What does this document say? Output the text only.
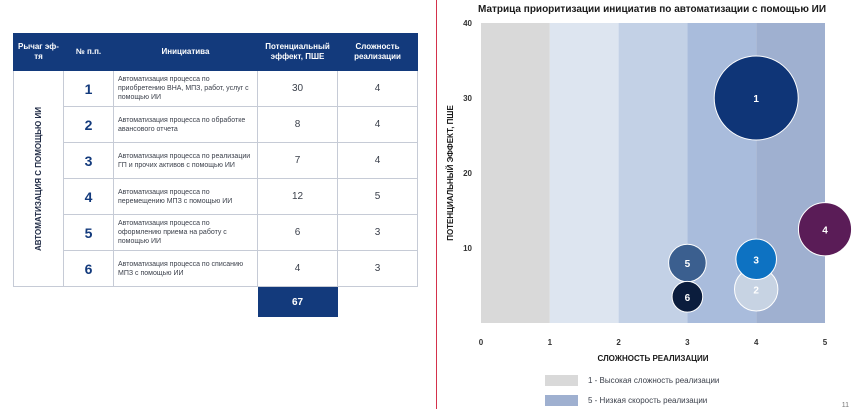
Рычаг эф-тя	№ п.п.	Инициатива	Потенциальный эффект, ПШЕ	Сложность реализации

АВТОМАТИЗАЦИЯ С ПОМОЩЬЮ ИИ	1	Автоматизация процесса по приобретению ВНА, МПЗ, работ, услуг с помощью ИИ	30	4
	2	Автоматизация процесса по обработке авансового отчета	8	4
	3	Автоматизация процесса по реализации ГП и прочих активов с помощью ИИ	7	4
	4	Автоматизация процесса по перемещению МПЗ с помощью ИИ	12	5
	5	Автоматизация процесса по оформлению приема на работу с помощью ИИ	6	3
	6	Автоматизация процесса по списанию МПЗ с помощью ИИ	4	3
			67	
Матрица приоритизации инициатив по автоматизации с помощью ИИ
0	1	2	3	4	5
10
20
30
40
СЛОЖНОСТЬ РЕАЛИЗАЦИИ
ПОТЕНЦИАЛЬНЫЙ ЭФФЕКТ, ПШЕ
1
4
2
3
5
6
1 - Высокая сложность реализации
5 - Низкая скорость реализации
11
